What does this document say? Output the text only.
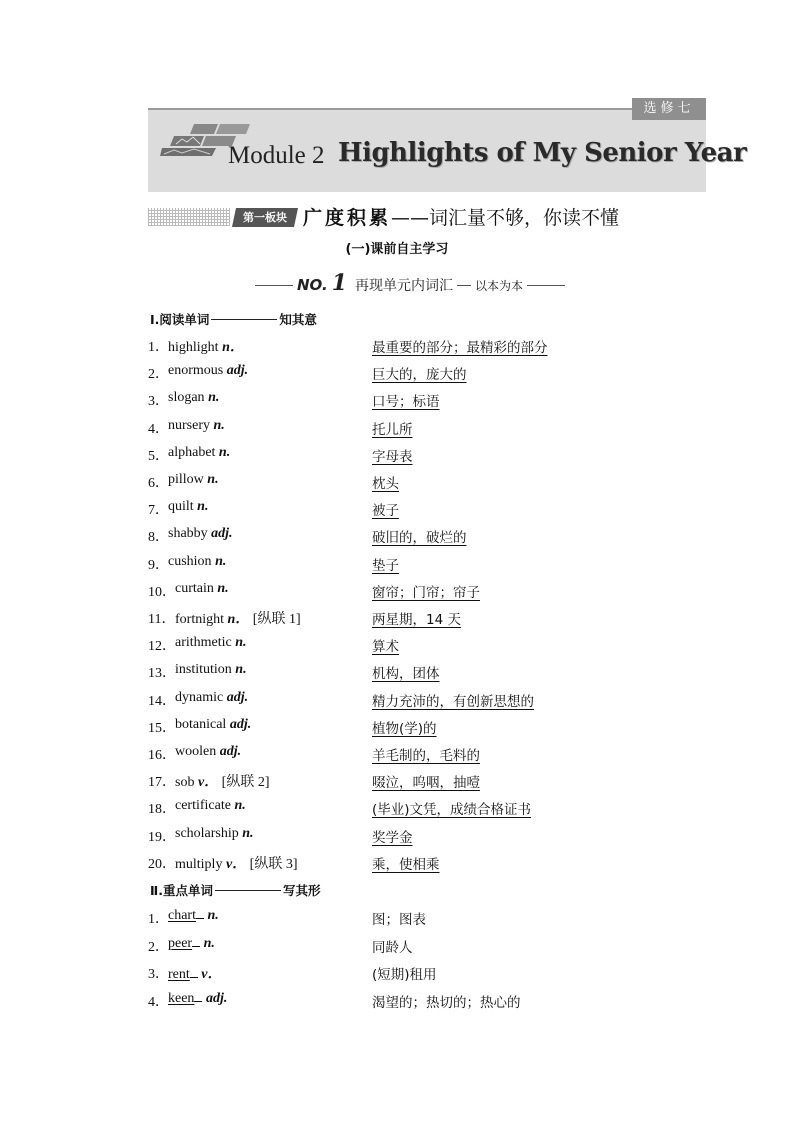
选修七
Module 2 Highlights of My Senior Year
第一板块 广度积累——词汇量不够，你读不懂
(一)课前自主学习
NO. 1 再现单元内词汇 以本为本
Ⅰ.阅读单词	知其意
1． highlight n．	最重要的部分；最精彩的部分
2． enormous adj.	巨大的，庞大的
3． slogan n.	口号；标语
4． nursery n.	托儿所
5． alphabet n.	字母表
6． pillow n.	枕头
7． quilt n.	被子
8． shabby adj.	破旧的，破烂的
9． cushion n.	垫子
10． curtain n.	窗帘；门帘；帘子
11． fortnight n． [纵联 1]	两星期，14 天
12． arithmetic n.	算术
13． institution n.	机构，团体
14． dynamic adj.	精力充沛的，有创新思想的
15． botanical adj.	植物(学)的
16． woolen adj.	羊毛制的，毛料的
17． sob v． [纵联 2]	啜泣，呜咽，抽噎
18． certificate n.	(毕业)文凭，成绩合格证书
19． scholarship n.	奖学金
20． multiply v． [纵联 3]	乘，使相乘
Ⅱ.重点单词	写其形
1． chart n.	图；图表
2． peer n.	同龄人
3． rent v．	(短期)租用
4． keen adj.	渴望的；热切的；热心的
